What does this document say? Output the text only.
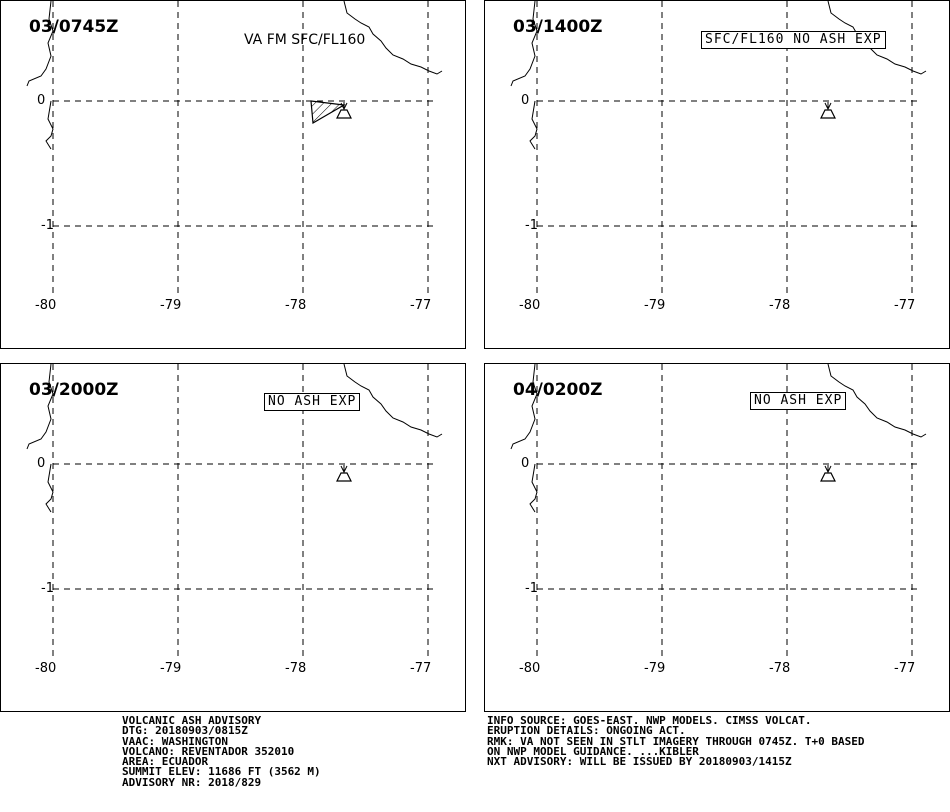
03/0745Z
VA FM SFC/FL160
0
-1
-80	-79	-78	-77
03/1400Z
SFC/FL160 NO ASH EXP
0
-1
-80	-79	-78	-77
03/2000Z
NO ASH EXP
0
-1
-80	-79	-78	-77
04/0200Z
NO ASH EXP
0
-1
-80	-79	-78	-77
VOLCANIC ASH ADVISORY
DTG: 20180903/0815Z
VAAC: WASHINGTON
VOLCANO: REVENTADOR 352010
AREA: ECUADOR
SUMMIT ELEV: 11686 FT (3562 M)
ADVISORY NR: 2018/829
INFO SOURCE: GOES-EAST. NWP MODELS. CIMSS VOLCAT.
ERUPTION DETAILS: ONGOING ACT.
RMK: VA NOT SEEN IN STLT IMAGERY THROUGH 0745Z. T+0 BASED
ON NWP MODEL GUIDANCE. ...KIBLER
NXT ADVISORY: WILL BE ISSUED BY 20180903/1415Z
